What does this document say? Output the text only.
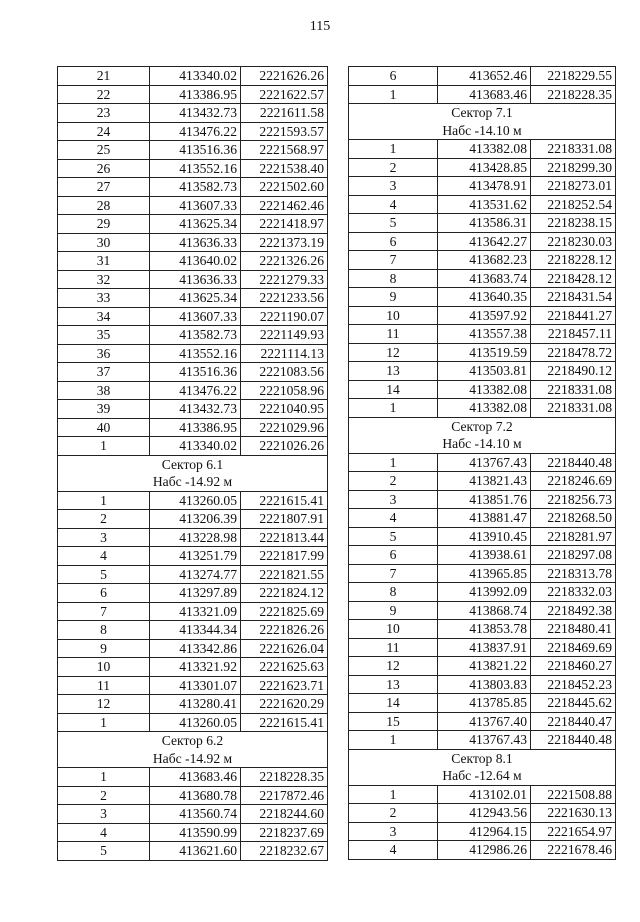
115
21	413340.02	2221626.26
22	413386.95	2221622.57
23	413432.73	2221611.58
24	413476.22	2221593.57
25	413516.36	2221568.97
26	413552.16	2221538.40
27	413582.73	2221502.60
28	413607.33	2221462.46
29	413625.34	2221418.97
30	413636.33	2221373.19
31	413640.02	2221326.26
32	413636.33	2221279.33
33	413625.34	2221233.56
34	413607.33	2221190.07
35	413582.73	2221149.93
36	413552.16	2221114.13
37	413516.36	2221083.56
38	413476.22	2221058.96
39	413432.73	2221040.95
40	413386.95	2221029.96
1	413340.02	2221026.26
Сектор 6.1		
Нaбс -14.92 м		
1	413260.05	2221615.41
2	413206.39	2221807.91
3	413228.98	2221813.44
4	413251.79	2221817.99
5	413274.77	2221821.55
6	413297.89	2221824.12
7	413321.09	2221825.69
8	413344.34	2221826.26
9	413342.86	2221626.04
10	413321.92	2221625.63
11	413301.07	2221623.71
12	413280.41	2221620.29
1	413260.05	2221615.41
Сектор 6.2		
Нaбс -14.92 м		
1	413683.46	2218228.35
2	413680.78	2217872.46
3	413560.74	2218244.60
4	413590.99	2218237.69
5	413621.60	2218232.67
6	413652.46	2218229.55
1	413683.46	2218228.35
Сектор 7.1		
Нaбс -14.10 м		
1	413382.08	2218331.08
2	413428.85	2218299.30
3	413478.91	2218273.01
4	413531.62	2218252.54
5	413586.31	2218238.15
6	413642.27	2218230.03
7	413682.23	2218228.12
8	413683.74	2218428.12
9	413640.35	2218431.54
10	413597.92	2218441.27
11	413557.38	2218457.11
12	413519.59	2218478.72
13	413503.81	2218490.12
14	413382.08	2218331.08
1	413382.08	2218331.08
Сектор 7.2		
Нaбс -14.10 м		
1	413767.43	2218440.48
2	413821.43	2218246.69
3	413851.76	2218256.73
4	413881.47	2218268.50
5	413910.45	2218281.97
6	413938.61	2218297.08
7	413965.85	2218313.78
8	413992.09	2218332.03
9	413868.74	2218492.38
10	413853.78	2218480.41
11	413837.91	2218469.69
12	413821.22	2218460.27
13	413803.83	2218452.23
14	413785.85	2218445.62
15	413767.40	2218440.47
1	413767.43	2218440.48
Сектор 8.1		
Нaбс -12.64 м		
1	413102.01	2221508.88
2	412943.56	2221630.13
3	412964.15	2221654.97
4	412986.26	2221678.46
